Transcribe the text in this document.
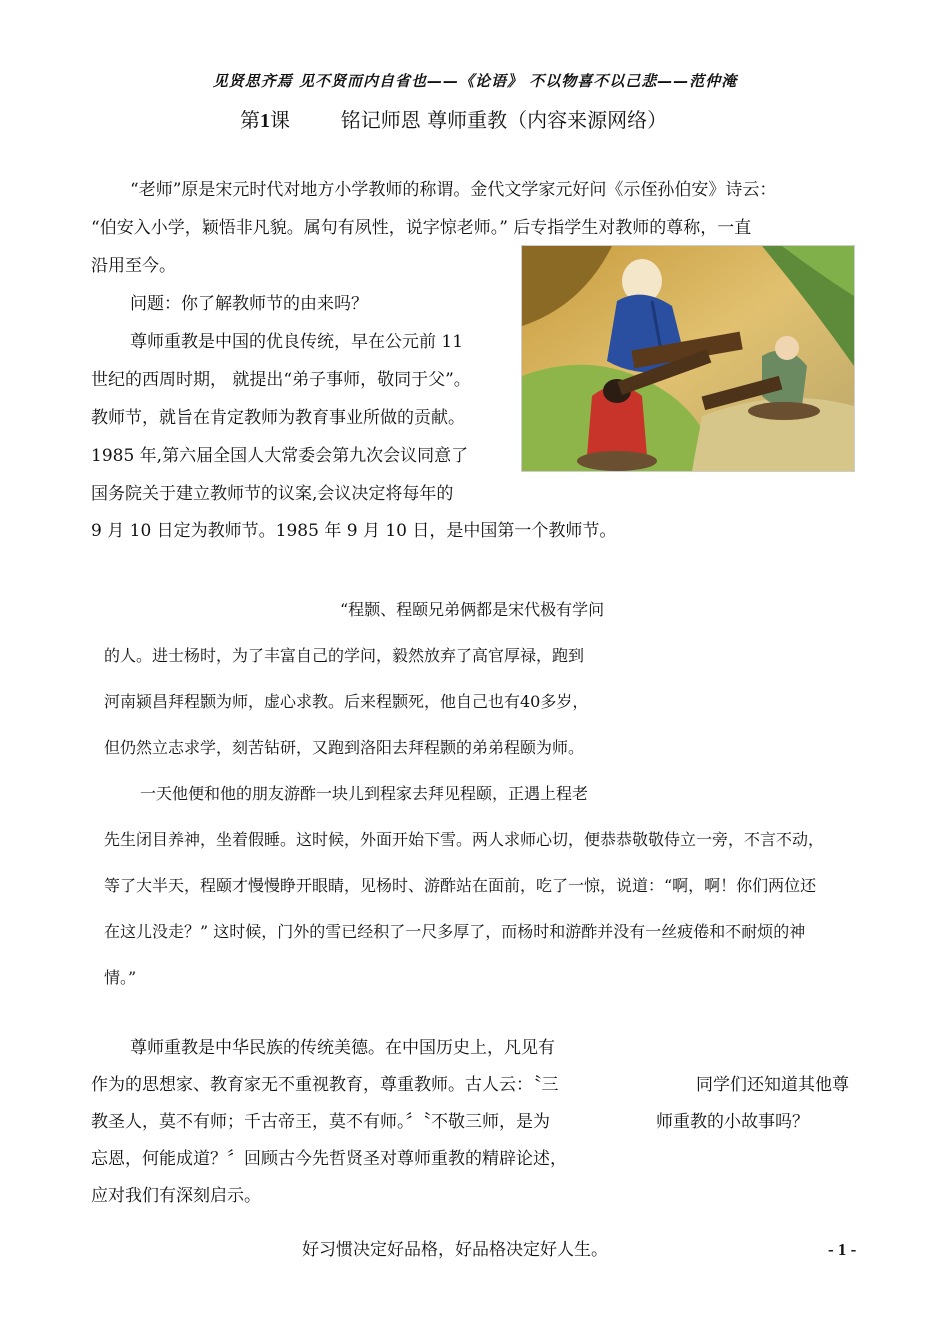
见贤思齐焉 见不贤而内自省也——《论语》 不以物喜不以己悲——范仲淹
第1课	铭记师恩 尊师重教（内容来源网络）
“老师”原是宋元时代对地方小学教师的称谓。金代文学家元好问《示侄孙伯安》诗云：
“伯安入小学，颖悟非凡貌。属句有夙性，说字惊老师。” 后专指学生对教师的尊称，一直
沿用至今。
问题：你了解教师节的由来吗？
尊师重教是中国的优良传统，早在公元前 11
世纪的西周时期， 就提出“弟子事师，敬同于父”。
教师节，就旨在肯定教师为教育事业所做的贡献。
1985 年,第六届全国人大常委会第九次会议同意了
国务院关于建立教师节的议案,会议决定将每年的
9 月 10 日定为教师节。1985 年 9 月 10 日，是中国第一个教师节。
“程颢、程颐兄弟俩都是宋代极有学问
的人。进士杨时，为了丰富自己的学问，毅然放弃了高官厚禄，跑到
河南颍昌拜程颢为师，虚心求教。后来程颢死，他自己也有40多岁，
但仍然立志求学，刻苦钻研，又跑到洛阳去拜程颢的弟弟程颐为师。
一天他便和他的朋友游酢一块儿到程家去拜见程颐，正遇上程老
先生闭目养神，坐着假睡。这时候，外面开始下雪。两人求师心切，便恭恭敬敬侍立一旁，不言不动，
等了大半天，程颐才慢慢睁开眼睛，见杨时、游酢站在面前，吃了一惊，说道：“啊，啊！你们两位还
在这儿没走？” 这时候，门外的雪已经积了一尺多厚了，而杨时和游酢并没有一丝疲倦和不耐烦的神
情。”
尊师重教是中华民族的传统美德。在中国历史上，凡见有
作为的思想家、教育家无不重视教育，尊重教师。古人云：〝三
教圣人，莫不有师；千古帝王，莫不有师。〞〝不敬三师，是为
忘恩，何能成道？〞回顾古今先哲贤圣对尊师重教的精辟论述，
应对我们有深刻启示。
同学们还知道其他尊
师重教的小故事吗？
好习惯决定好品格，好品格决定好人生。	- 1 -
